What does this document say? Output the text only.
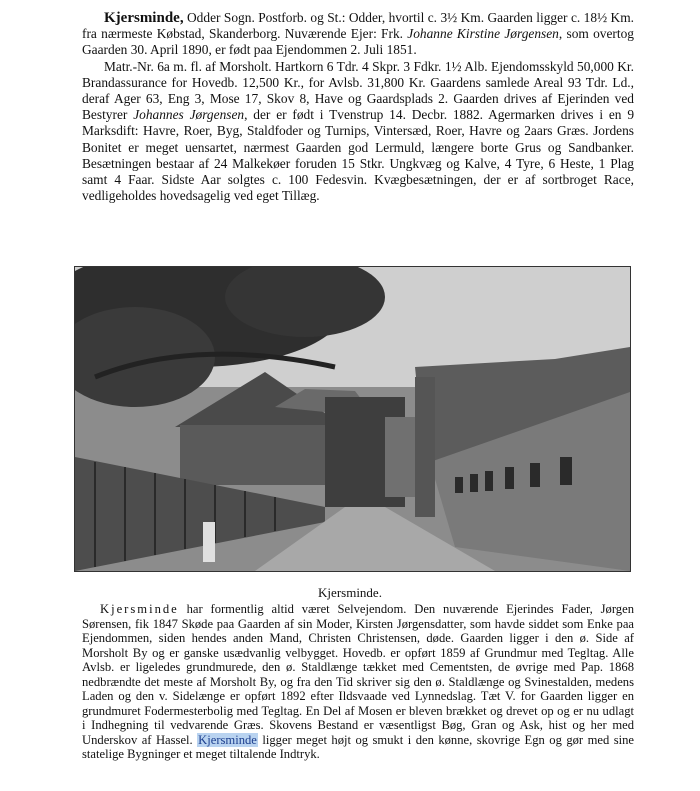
Kjersminde, Odder Sogn. Postforb. og St.: Odder, hvortil c. 3½ Km. Gaarden ligger c. 18½ Km. fra nærmeste Købstad, Skanderborg. Nuværende Ejer: Frk. Johanne Kirstine Jørgensen, som overtog Gaarden 30. April 1890, er født paa Ejendommen 2. Juli 1851.

Matr.-Nr. 6a m. fl. af Morsholt. Hartkorn 6 Tdr. 4 Skpr. 3 Fdkr. 1½ Alb. Ejendomsskyld 50,000 Kr. Brandassurance for Hovedb. 12,500 Kr., for Avlsb. 31,800 Kr. Gaardens samlede Areal 93 Tdr. Ld., deraf Ager 63, Eng 3, Mose 17, Skov 8, Have og Gaardsplads 2. Gaarden drives af Ejerinden ved Bestyrer Johannes Jørgensen, der er født i Tvenstrup 14. Decbr. 1882. Agermarken drives i en 9 Marksdift: Havre, Roer, Byg, Staldfoder og Turnips, Vintersæd, Roer, Havre og 2aars Græs. Jordens Bonitet er meget uensartet, nærmest Gaarden god Lermuld, længere borte Grus og Sandbanker. Besætningen bestaar af 24 Malkekøer foruden 15 Stkr. Ungkvæg og Kalve, 4 Tyre, 6 Heste, 1 Plag samt 4 Faar. Sidste Aar solgtes c. 100 Fedesvin. Kvægbesætningen, der er af sortbroget Race, vedligeholdes hovedsagelig ved eget Tillæg.

Kjersminde.

Kjersminde har formentlig altid været Selvejendom. Den nuværende Ejerindes Fader, Jørgen Sørensen, fik 1847 Skøde paa Gaarden af sin Moder, Kirsten Jørgensdatter, som havde siddet som Enke paa Ejendommen, siden hendes anden Mand, Christen Christensen, døde. Gaarden ligger i den ø. Side af Morsholt By og er ganske usædvanlig velbygget. Hovedb. er opført 1859 af Grundmur med Tegltag. Alle Avlsb. er ligeledes grundmurede, den ø. Staldlænge tækket med Cementsten, de øvrige med Pap. 1868 nedbrændte det meste af Morsholt By, og fra den Tid skriver sig den ø. Staldlænge og Svinestalden, medens Laden og den v. Sidelænge er opført 1892 efter Ildsvaade ved Lynnedslag. Tæt V. for Gaarden ligger en grundmuret Fodermesterbolig med Tegltag. En Del af Mosen er bleven brækket og drevet op og er nu udlagt i Indhegning til vedvarende Græs. Skovens Bestand er væsentligst Bøg, Gran og Ask, hist og her med Underskov af Hassel. Kjersminde ligger meget højt og smukt i den kønne, skovrige Egn og gør med sine statelige Bygninger et meget tiltalende Indtryk.
